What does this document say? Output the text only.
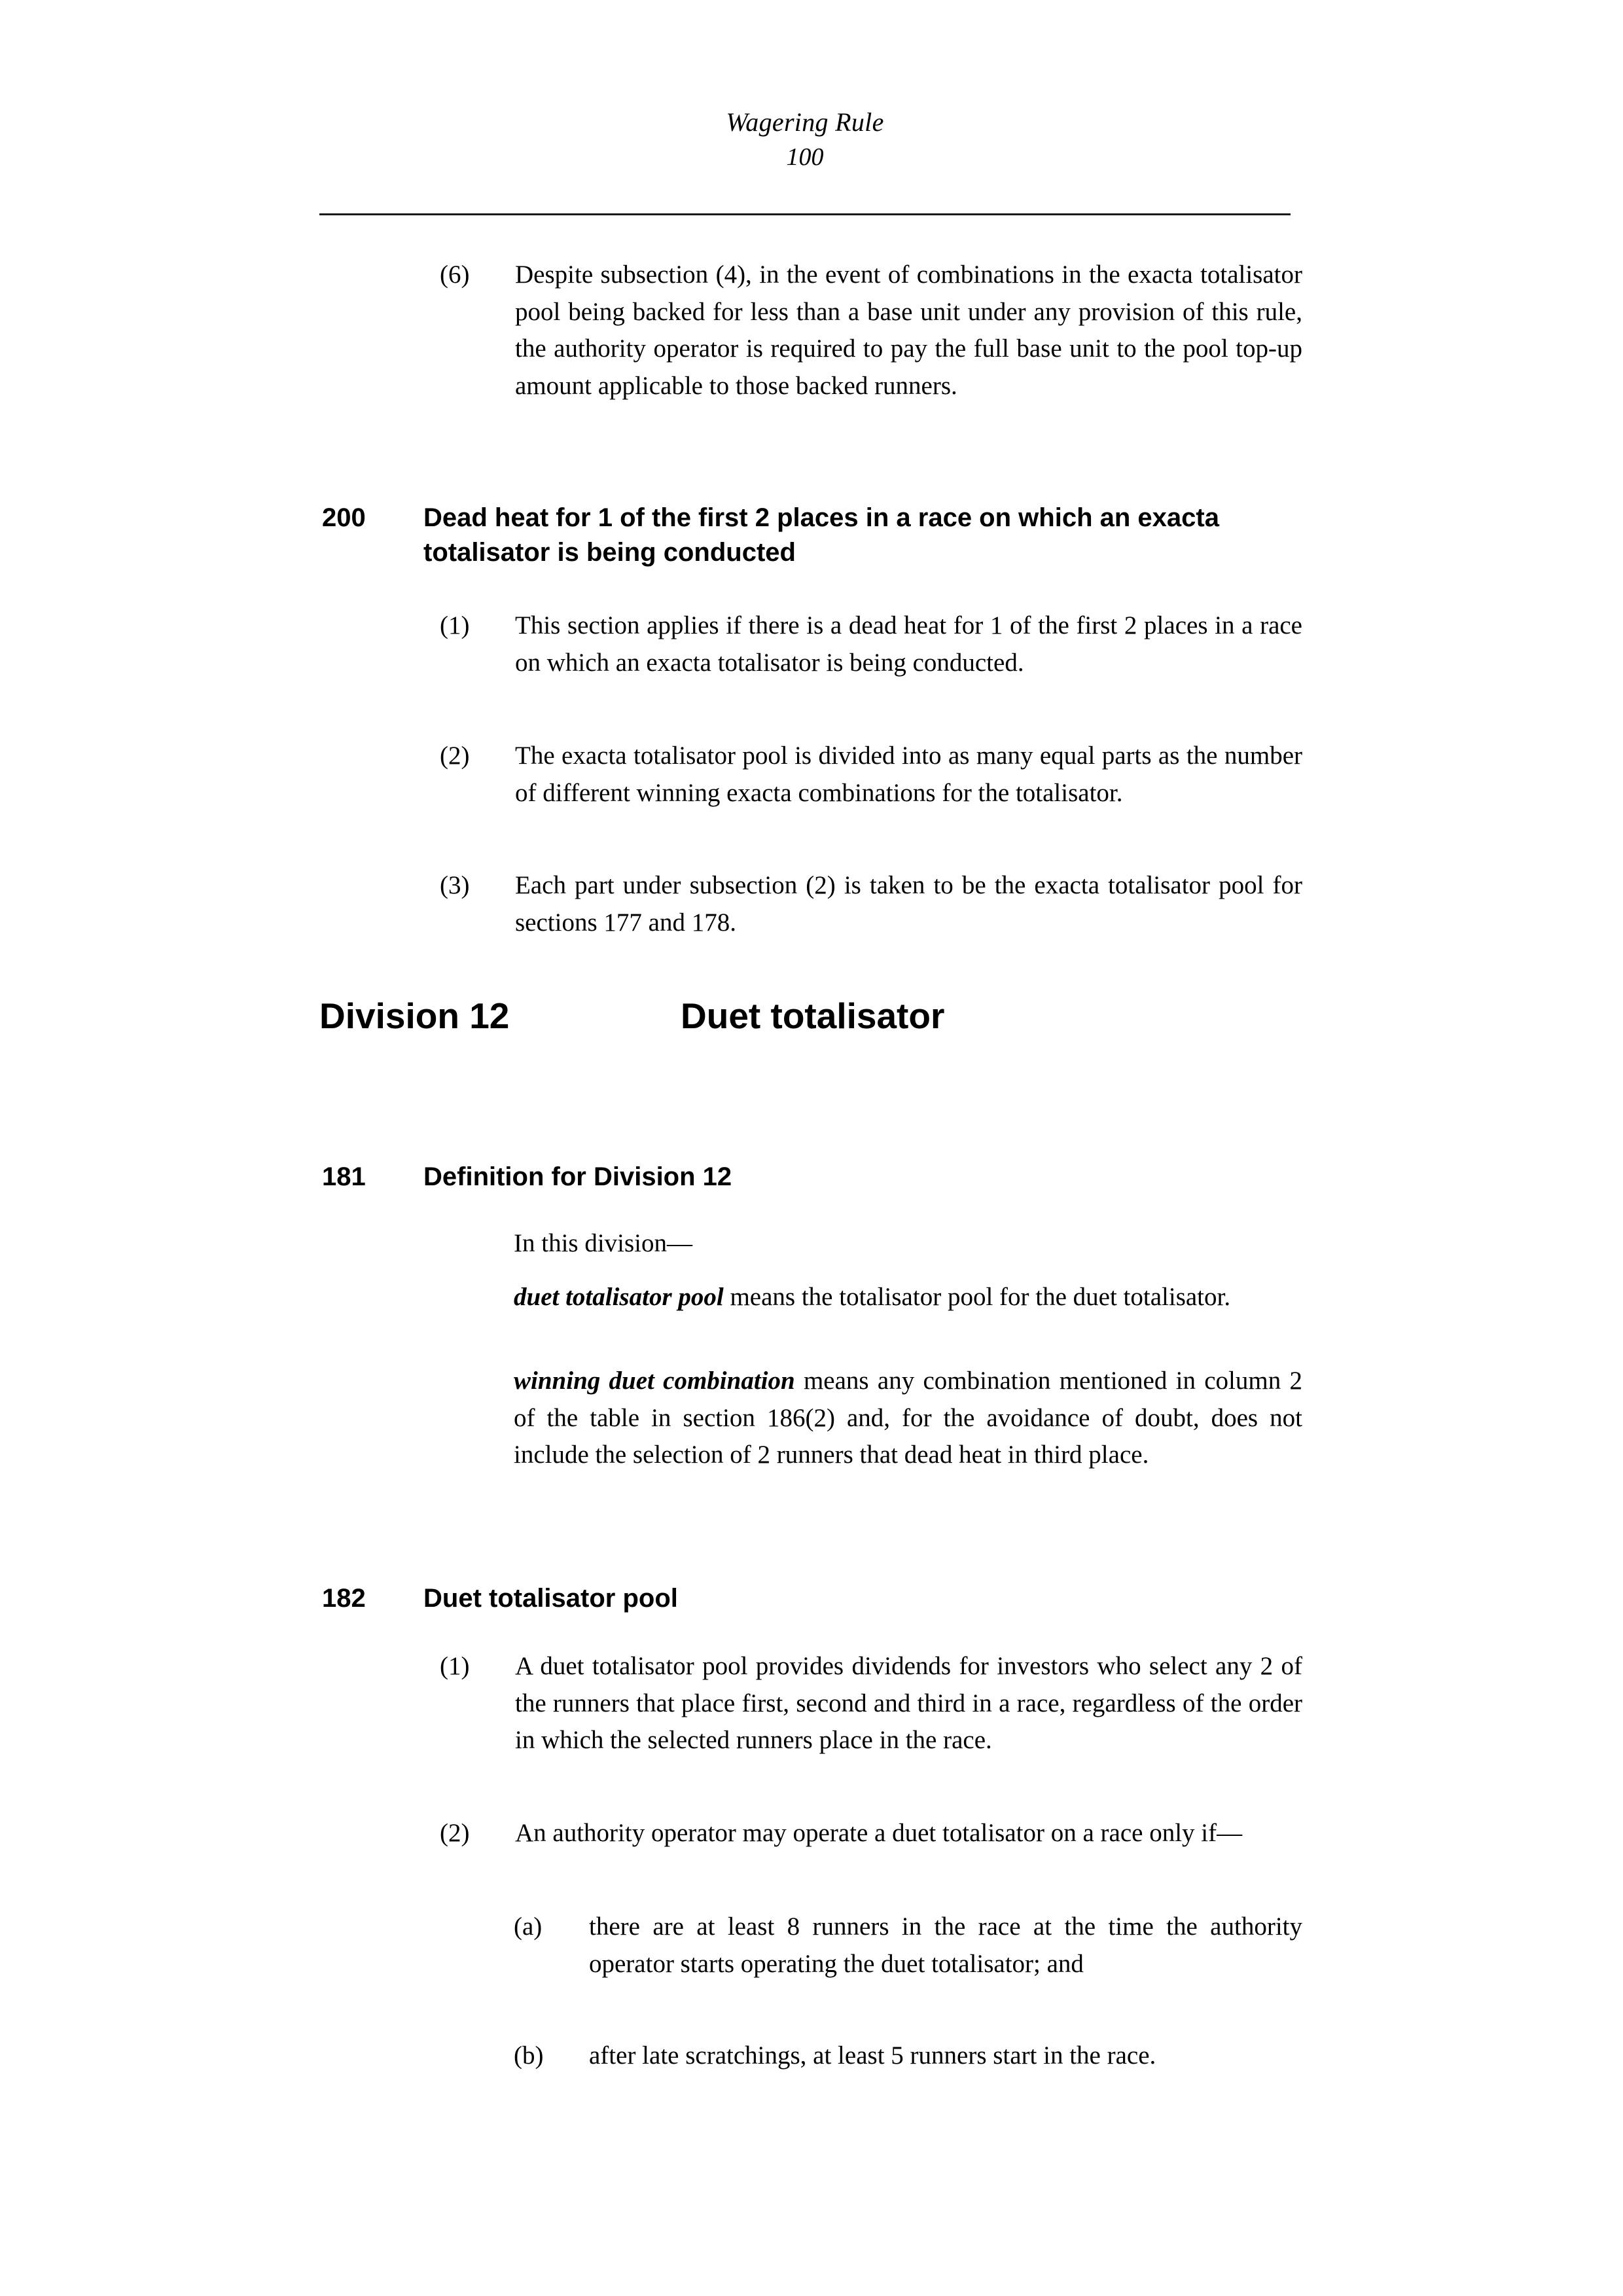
Wagering Rule
100
(6)	Despite subsection (4), in the event of combinations in the exacta totalisator pool being backed for less than a base unit under any provision of this rule, the authority operator is required to pay the full base unit to the pool top-up amount applicable to those backed runners.
200	Dead heat for 1 of the first 2 places in a race on which an exacta totalisator is being conducted
(1)	This section applies if there is a dead heat for 1 of the first 2 places in a race on which an exacta totalisator is being conducted.
(2)	The exacta totalisator pool is divided into as many equal parts as the number of different winning exacta combinations for the totalisator.
(3)	Each part under subsection (2) is taken to be the exacta totalisator pool for sections 177 and 178.
Division 12	Duet totalisator
181	Definition for Division 12
In this division—
duet totalisator pool means the totalisator pool for the duet totalisator.
winning duet combination means any combination mentioned in column 2 of the table in section 186(2) and, for the avoidance of doubt, does not include the selection of 2 runners that dead heat in third place.
182	Duet totalisator pool
(1)	A duet totalisator pool provides dividends for investors who select any 2 of the runners that place first, second and third in a race, regardless of the order in which the selected runners place in the race.
(2)	An authority operator may operate a duet totalisator on a race only if—
(a)	there are at least 8 runners in the race at the time the authority operator starts operating the duet totalisator; and
(b)	after late scratchings, at least 5 runners start in the race.
